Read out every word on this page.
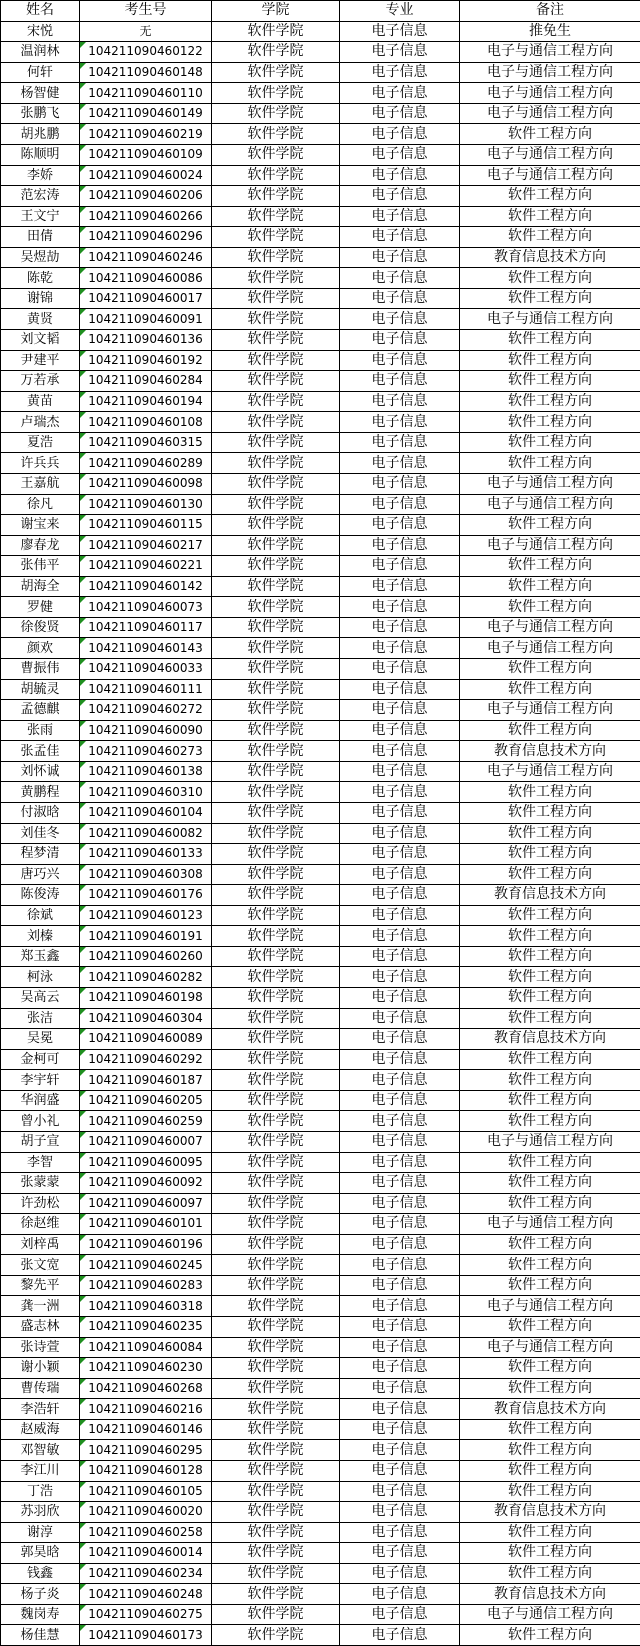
姓名	考生号	学院	专业	备注
宋悦	无	软件学院	电子信息	推免生
温润林	104211090460122	软件学院	电子信息	电子与通信工程方向
何轩	104211090460148	软件学院	电子信息	电子与通信工程方向
杨智健	104211090460110	软件学院	电子信息	电子与通信工程方向
张鹏飞	104211090460149	软件学院	电子信息	电子与通信工程方向
胡兆鹏	104211090460219	软件学院	电子信息	软件工程方向
陈顺明	104211090460109	软件学院	电子信息	电子与通信工程方向
李娇	104211090460024	软件学院	电子信息	电子与通信工程方向
范宏涛	104211090460206	软件学院	电子信息	软件工程方向
王文宁	104211090460266	软件学院	电子信息	软件工程方向
田倩	104211090460296	软件学院	电子信息	软件工程方向
吴煜劼	104211090460246	软件学院	电子信息	教育信息技术方向
陈乾	104211090460086	软件学院	电子信息	软件工程方向
谢锦	104211090460017	软件学院	电子信息	软件工程方向
黄贤	104211090460091	软件学院	电子信息	电子与通信工程方向
刘文韬	104211090460136	软件学院	电子信息	软件工程方向
尹建平	104211090460192	软件学院	电子信息	软件工程方向
万若承	104211090460284	软件学院	电子信息	软件工程方向
黄苗	104211090460194	软件学院	电子信息	软件工程方向
卢瑞杰	104211090460108	软件学院	电子信息	软件工程方向
夏浩	104211090460315	软件学院	电子信息	软件工程方向
许兵兵	104211090460289	软件学院	电子信息	软件工程方向
王嘉航	104211090460098	软件学院	电子信息	电子与通信工程方向
徐凡	104211090460130	软件学院	电子信息	电子与通信工程方向
谢宝来	104211090460115	软件学院	电子信息	软件工程方向
廖春龙	104211090460217	软件学院	电子信息	电子与通信工程方向
张伟平	104211090460221	软件学院	电子信息	软件工程方向
胡海全	104211090460142	软件学院	电子信息	软件工程方向
罗健	104211090460073	软件学院	电子信息	软件工程方向
徐俊贤	104211090460117	软件学院	电子信息	电子与通信工程方向
颜欢	104211090460143	软件学院	电子信息	电子与通信工程方向
曹振伟	104211090460033	软件学院	电子信息	软件工程方向
胡毓灵	104211090460111	软件学院	电子信息	软件工程方向
孟德麒	104211090460272	软件学院	电子信息	电子与通信工程方向
张雨	104211090460090	软件学院	电子信息	软件工程方向
张孟佳	104211090460273	软件学院	电子信息	教育信息技术方向
刘怀诚	104211090460138	软件学院	电子信息	电子与通信工程方向
黄鹏程	104211090460310	软件学院	电子信息	软件工程方向
付淑晗	104211090460104	软件学院	电子信息	软件工程方向
刘佳冬	104211090460082	软件学院	电子信息	软件工程方向
程梦清	104211090460133	软件学院	电子信息	软件工程方向
唐巧兴	104211090460308	软件学院	电子信息	软件工程方向
陈俊涛	104211090460176	软件学院	电子信息	教育信息技术方向
徐斌	104211090460123	软件学院	电子信息	软件工程方向
刘榛	104211090460191	软件学院	电子信息	软件工程方向
郑玉鑫	104211090460260	软件学院	电子信息	软件工程方向
柯泳	104211090460282	软件学院	电子信息	软件工程方向
吴高云	104211090460198	软件学院	电子信息	软件工程方向
张洁	104211090460304	软件学院	电子信息	软件工程方向
吴冕	104211090460089	软件学院	电子信息	教育信息技术方向
金柯可	104211090460292	软件学院	电子信息	软件工程方向
李宇轩	104211090460187	软件学院	电子信息	软件工程方向
华润盛	104211090460205	软件学院	电子信息	软件工程方向
曾小礼	104211090460259	软件学院	电子信息	软件工程方向
胡子宣	104211090460007	软件学院	电子信息	电子与通信工程方向
李智	104211090460095	软件学院	电子信息	软件工程方向
张蒙蒙	104211090460092	软件学院	电子信息	软件工程方向
许劲松	104211090460097	软件学院	电子信息	软件工程方向
徐赵维	104211090460101	软件学院	电子信息	电子与通信工程方向
刘梓禹	104211090460196	软件学院	电子信息	软件工程方向
张文宽	104211090460245	软件学院	电子信息	软件工程方向
黎先平	104211090460283	软件学院	电子信息	软件工程方向
龚一洲	104211090460318	软件学院	电子信息	电子与通信工程方向
盛志林	104211090460235	软件学院	电子信息	软件工程方向
张诗萱	104211090460084	软件学院	电子信息	电子与通信工程方向
谢小颖	104211090460230	软件学院	电子信息	软件工程方向
曹传瑞	104211090460268	软件学院	电子信息	软件工程方向
李浩轩	104211090460216	软件学院	电子信息	教育信息技术方向
赵威海	104211090460146	软件学院	电子信息	软件工程方向
邓智敏	104211090460295	软件学院	电子信息	软件工程方向
李江川	104211090460128	软件学院	电子信息	软件工程方向
丁浩	104211090460105	软件学院	电子信息	软件工程方向
苏羽欣	104211090460020	软件学院	电子信息	教育信息技术方向
谢淳	104211090460258	软件学院	电子信息	软件工程方向
郭昊晗	104211090460014	软件学院	电子信息	软件工程方向
钱鑫	104211090460234	软件学院	电子信息	软件工程方向
杨子炎	104211090460248	软件学院	电子信息	教育信息技术方向
魏岗寿	104211090460275	软件学院	电子信息	电子与通信工程方向
杨佳慧	104211090460173	软件学院	电子信息	软件工程方向
